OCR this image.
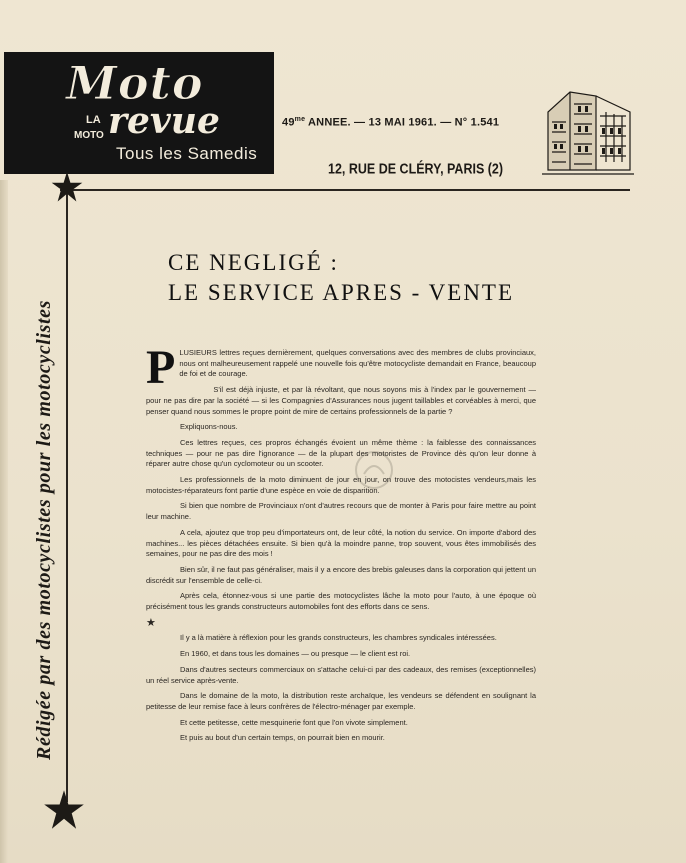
Moto
LA
MOTO revue
Tous les Samedis
$49^{me}$ ANNEE. — 13 MAI 1961. — N° 1.541
12, RUE DE CLÉRY, PARIS (2)
Rédigée par des motocyclistes pour les motocyclistes
CE NEGLIGÉ :
LE SERVICE APRES - VENTE

PLUSIEURS lettres reçues dernièrement, quelques conversations avec des membres de clubs provinciaux, nous ont malheureusement rappelé une nouvelle fois qu'être motocycliste demandait en France, beaucoup de foi et de courage.

S'il est déjà injuste, et par là révoltant, que nous soyons mis à l'index par le gouvernement — pour ne pas dire par la société — si les Compagnies d'Assurances nous jugent taillables et corvéables à merci, que penser quand nous sommes le propre point de mire de certains professionnels de la partie ?

Expliquons-nous.

Ces lettres reçues, ces propros échangés évoient un même thème : la faiblesse des connaissances techniques — pour ne pas dire l'ignorance — de la plupart des motoristes de Province dès qu'on leur donne à réparer autre chose qu'un cyclomoteur ou un scooter.

Les professionnels de la moto diminuent de jour en jour, on trouve des motocistes vendeurs,mais les motocistes-réparateurs font partie d'une espèce en voie de disparition.

Si bien que nombre de Provinciaux n'ont d'autres recours que de monter à Paris pour faire mettre au point leur machine.

A cela, ajoutez que trop peu d'importateurs ont, de leur côté, la notion du service. On importe d'abord des machines... les pièces détachées ensuite. Si bien qu'à la moindre panne, trop souvent, vous êtes immobilisés des semaines, pour ne pas dire des mois !

Bien sûr, il ne faut pas généraliser, mais il y a encore des brebis galeuses dans la corporation qui jettent un discrédit sur l'ensemble de celle-ci.

Après cela, étonnez-vous si une partie des motocyclistes lâche la moto pour l'auto, à une époque où précisément tous les grands constructeurs automobiles font des efforts dans ce sens.

★

Il y a là matière à réflexion pour les grands constructeurs, les chambres syndicales intéressées.

En 1960, et dans tous les domaines — ou presque — le client est roi.

Dans d'autres secteurs commerciaux on s'attache celui-ci par des cadeaux, des remises (exceptionnelles) un réel service après-vente.

Dans le domaine de la moto, la distribution reste archaïque, les vendeurs se défendent en soulignant la petitesse de leur remise face à leurs confrères de l'électro-ménager par exemple.

Et cette petitesse, cette mesquinerie font que l'on vivote simplement.

Et puis au bout d'un certain temps, on pourrait bien en mourir.
